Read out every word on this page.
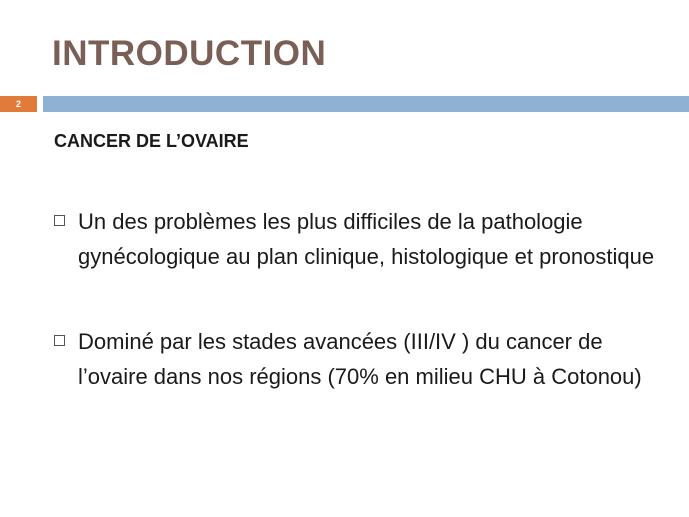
INTRODUCTION
2
CANCER DE L’OVAIRE
Un des problèmes les plus difficiles de la pathologie gynécologique au plan clinique, histologique et pronostique
Dominé par les stades avancées (III/IV ) du cancer de l’ovaire dans nos régions (70% en milieu CHU à Cotonou)
